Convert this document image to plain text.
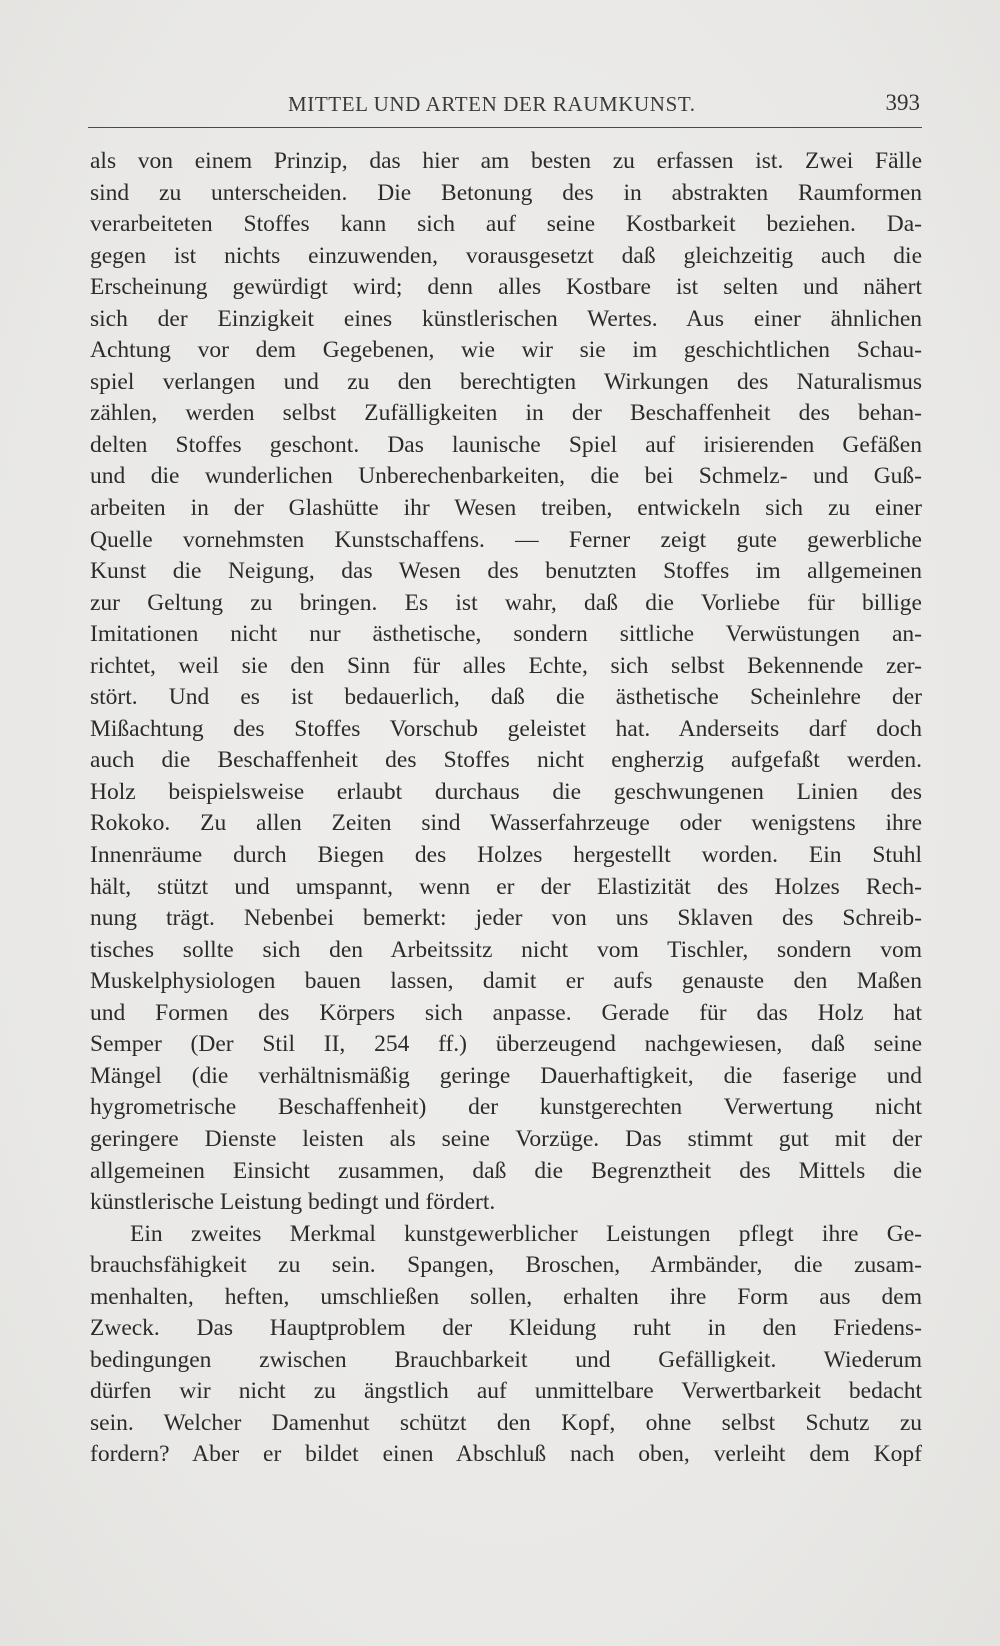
MITTEL UND ARTEN DER RAUMKUNST.	393
als von einem Prinzip, das hier am besten zu erfassen ist. Zwei Fälle
sind zu unterscheiden. Die Betonung des in abstrakten Raumformen
verarbeiteten Stoffes kann sich auf seine Kostbarkeit beziehen. Da-
gegen ist nichts einzuwenden, vorausgesetzt daß gleichzeitig auch die
Erscheinung gewürdigt wird; denn alles Kostbare ist selten und nähert
sich der Einzigkeit eines künstlerischen Wertes. Aus einer ähnlichen
Achtung vor dem Gegebenen, wie wir sie im geschichtlichen Schau-
spiel verlangen und zu den berechtigten Wirkungen des Naturalismus
zählen, werden selbst Zufälligkeiten in der Beschaffenheit des behan-
delten Stoffes geschont. Das launische Spiel auf irisierenden Gefäßen
und die wunderlichen Unberechenbarkeiten, die bei Schmelz- und Guß-
arbeiten in der Glashütte ihr Wesen treiben, entwickeln sich zu einer
Quelle vornehmsten Kunstschaffens. — Ferner zeigt gute gewerbliche
Kunst die Neigung, das Wesen des benutzten Stoffes im allgemeinen
zur Geltung zu bringen. Es ist wahr, daß die Vorliebe für billige
Imitationen nicht nur ästhetische, sondern sittliche Verwüstungen an-
richtet, weil sie den Sinn für alles Echte, sich selbst Bekennende zer-
stört. Und es ist bedauerlich, daß die ästhetische Scheinlehre der
Mißachtung des Stoffes Vorschub geleistet hat. Anderseits darf doch
auch die Beschaffenheit des Stoffes nicht engherzig aufgefaßt werden.
Holz beispielsweise erlaubt durchaus die geschwungenen Linien des
Rokoko. Zu allen Zeiten sind Wasserfahrzeuge oder wenigstens ihre
Innenräume durch Biegen des Holzes hergestellt worden. Ein Stuhl
hält, stützt und umspannt, wenn er der Elastizität des Holzes Rech-
nung trägt. Nebenbei bemerkt: jeder von uns Sklaven des Schreib-
tisches sollte sich den Arbeitssitz nicht vom Tischler, sondern vom
Muskelphysiologen bauen lassen, damit er aufs genauste den Maßen
und Formen des Körpers sich anpasse. Gerade für das Holz hat
Semper (Der Stil II, 254 ff.) überzeugend nachgewiesen, daß seine
Mängel (die verhältnismäßig geringe Dauerhaftigkeit, die faserige und
hygrometrische Beschaffenheit) der kunstgerechten Verwertung nicht
geringere Dienste leisten als seine Vorzüge. Das stimmt gut mit der
allgemeinen Einsicht zusammen, daß die Begrenztheit des Mittels die
künstlerische Leistung bedingt und fördert.
Ein zweites Merkmal kunstgewerblicher Leistungen pflegt ihre Ge-
brauchsfähigkeit zu sein. Spangen, Broschen, Armbänder, die zusam-
menhalten, heften, umschließen sollen, erhalten ihre Form aus dem
Zweck. Das Hauptproblem der Kleidung ruht in den Friedens-
bedingungen zwischen Brauchbarkeit und Gefälligkeit. Wiederum
dürfen wir nicht zu ängstlich auf unmittelbare Verwertbarkeit bedacht
sein. Welcher Damenhut schützt den Kopf, ohne selbst Schutz zu
fordern? Aber er bildet einen Abschluß nach oben, verleiht dem Kopf
